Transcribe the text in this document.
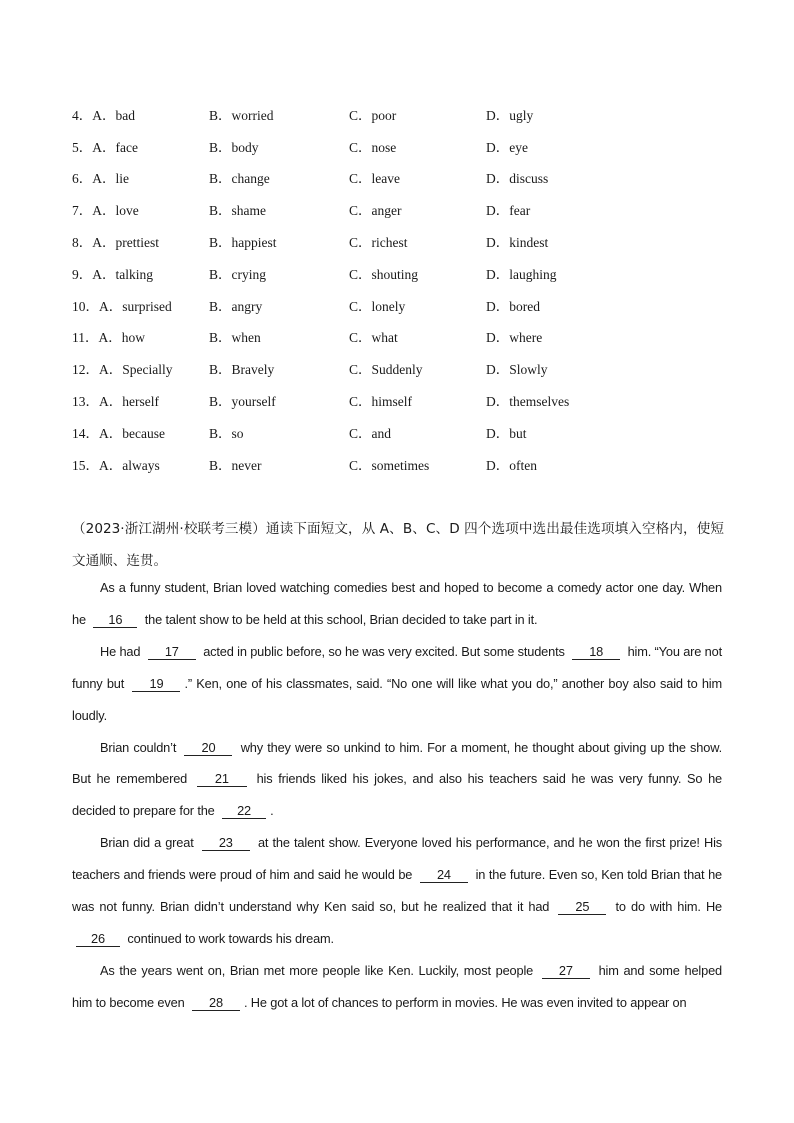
4．A．bad	B．worried	C．poor	D．ugly
5．A．face	B．body	C．nose	D．eye
6．A．lie	B．change	C．leave	D．discuss
7．A．love	B．shame	C．anger	D．fear
8．A．prettiest	B．happiest	C．richest	D．kindest
9．A．talking	B．crying	C．shouting	D．laughing
10．A．surprised	B．angry	C．lonely	D．bored
11．A．how	B．when	C．what	D．where
12．A．Specially	B．Bravely	C．Suddenly	D．Slowly
13．A．herself	B．yourself	C．himself	D．themselves
14．A．because	B．so	C．and	D．but
15．A．always	B．never	C．sometimes	D．often
（2023·浙江湖州·校联考三模）通读下面短文，从 A、B、C、D 四个选项中选出最佳选项填入空格内，使短文通顺、连贯。

As a funny student, Brian loved watching comedies best and hoped to become a comedy actor one day. When he 16 the talent show to be held at this school, Brian decided to take part in it.

He had 17 acted in public before, so he was very excited. But some students 18 him. “You are not funny but 19 .” Ken, one of his classmates, said. “No one will like what you do,” another boy also said to him loudly.

Brian couldn’t 20 why they were so unkind to him. For a moment, he thought about giving up the show. But he remembered 21 his friends liked his jokes, and also his teachers said he was very funny. So he decided to prepare for the 22 .

Brian did a great 23 at the talent show. Everyone loved his performance, and he won the first prize! His teachers and friends were proud of him and said he would be 24 in the future. Even so, Ken told Brian that he was not funny. Brian didn’t understand why Ken said so, but he realized that it had 25 to do with him. He 26 continued to work towards his dream.

As the years went on, Brian met more people like Ken. Luckily, most people 27 him and some helped him to become even 28 . He got a lot of chances to perform in movies. He was even invited to appear on
